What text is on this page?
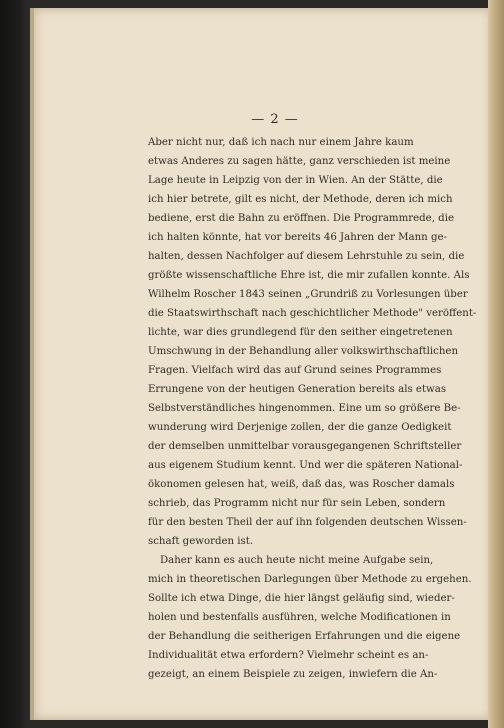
— 2 —
Aber nicht nur, daß ich nach nur einem Jahre kaum
etwas Anderes zu sagen hätte, ganz verschieden ist meine
Lage heute in Leipzig von der in Wien. An der Stätte, die
ich hier betrete, gilt es nicht, der Methode, deren ich mich
bediene, erst die Bahn zu eröffnen. Die Programmrede, die
ich halten könnte, hat vor bereits 46 Jahren der Mann ge-
halten, dessen Nachfolger auf diesem Lehrstuhle zu sein, die
größte wissenschaftliche Ehre ist, die mir zufallen konnte. Als
Wilhelm Roscher 1843 seinen „Grundriß zu Vorlesungen über
die Staatswirthschaft nach geschichtlicher Methode" veröffent-
lichte, war dies grundlegend für den seither eingetretenen
Umschwung in der Behandlung aller volkswirthschaftlichen
Fragen. Vielfach wird das auf Grund seines Programmes
Errungene von der heutigen Generation bereits als etwas
Selbstverständliches hingenommen. Eine um so größere Be-
wunderung wird Derjenige zollen, der die ganze Oedigkeit
der demselben unmittelbar vorausgegangenen Schriftsteller
aus eigenem Studium kennt. Und wer die späteren National-
ökonomen gelesen hat, weiß, daß das, was Roscher damals
schrieb, das Programm nicht nur für sein Leben, sondern
für den besten Theil der auf ihn folgenden deutschen Wissen-
schaft geworden ist.
Daher kann es auch heute nicht meine Aufgabe sein,
mich in theoretischen Darlegungen über Methode zu ergehen.
Sollte ich etwa Dinge, die hier längst geläufig sind, wieder-
holen und bestenfalls ausführen, welche Modificationen in
der Behandlung die seitherigen Erfahrungen und die eigene
Individualität etwa erfordern? Vielmehr scheint es an-
gezeigt, an einem Beispiele zu zeigen, inwiefern die An-
